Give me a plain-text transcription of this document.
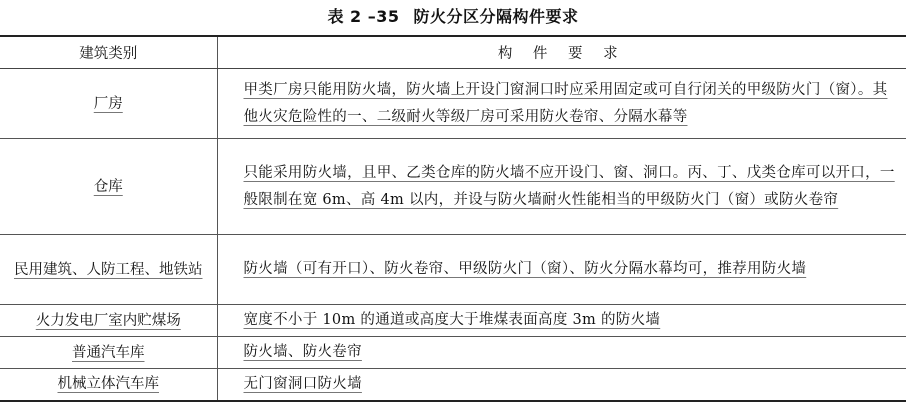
表 2 –35 防火分区分隔构件要求
建筑类别	构 件 要 求
厂房	甲类厂房只能用防火墙，防火墙上开设门窗洞口时应采用固定或可自行闭关的甲级防火门（窗）。其他火灾危险性的一、二级耐火等级厂房可采用防火卷帘、分隔水幕等
仓库	只能采用防火墙，且甲、乙类仓库的防火墙不应开设门、窗、洞口。丙、丁、戊类仓库可以开口，一般限制在宽 6m、高 4m 以内，并设与防火墙耐火性能相当的甲级防火门（窗）或防火卷帘
民用建筑、人防工程、地铁站	防火墙（可有开口）、防火卷帘、甲级防火门（窗）、防火分隔水幕均可，推荐用防火墙
火力发电厂室内贮煤场	宽度不小于 10m 的通道或高度大于堆煤表面高度 3m 的防火墙
普通汽车库	防火墙、防火卷帘
机械立体汽车库	无门窗洞口防火墙
